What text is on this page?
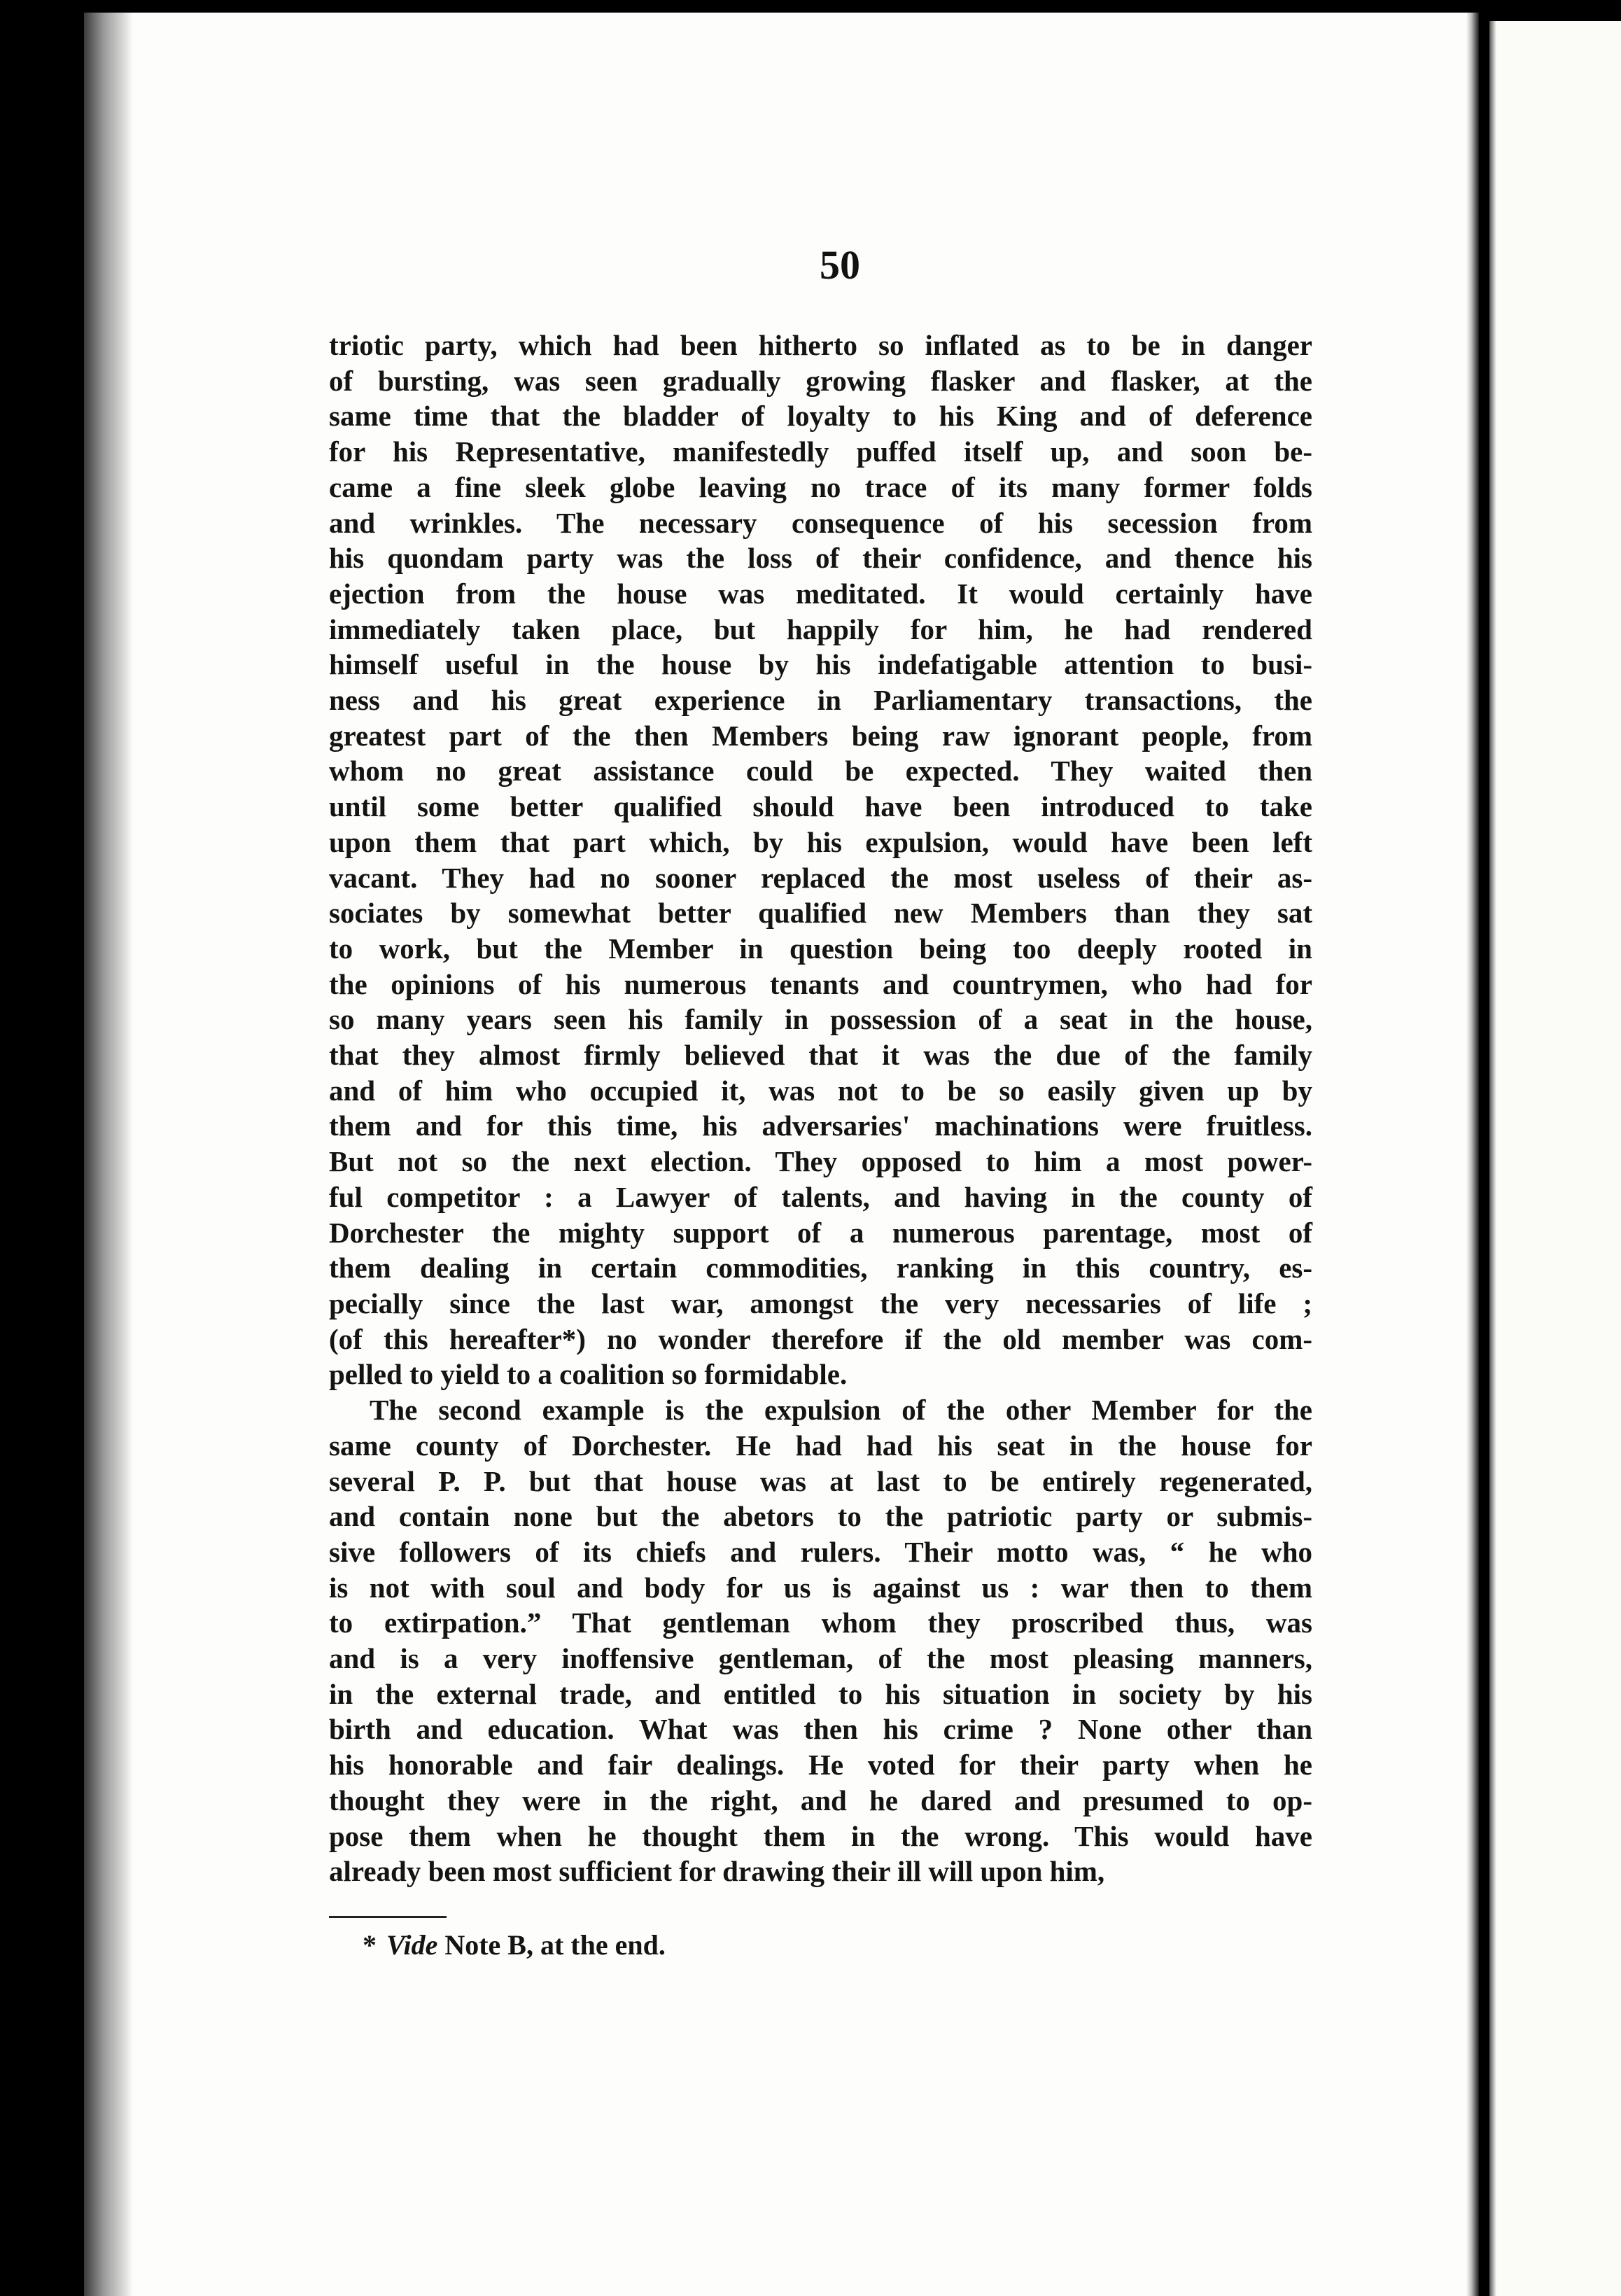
50

triotic party, which had been hitherto so inflated as to be in danger
of bursting, was seen gradually growing flasker and flasker, at the
same time that the bladder of loyalty to his King and of deference
for his Representative, manifestedly puffed itself up, and soon be-
came a fine sleek globe leaving no trace of its many former folds
and wrinkles. The necessary consequence of his secession from
his quondam party was the loss of their confidence, and thence his
ejection from the house was meditated. It would certainly have
immediately taken place, but happily for him, he had rendered
himself useful in the house by his indefatigable attention to busi-
ness and his great experience in Parliamentary transactions, the
greatest part of the then Members being raw ignorant people, from
whom no great assistance could be expected. They waited then
until some better qualified should have been introduced to take
upon them that part which, by his expulsion, would have been left
vacant. They had no sooner replaced the most useless of their as-
sociates by somewhat better qualified new Members than they sat
to work, but the Member in question being too deeply rooted in
the opinions of his numerous tenants and countrymen, who had for
so many years seen his family in possession of a seat in the house,
that they almost firmly believed that it was the due of the family
and of him who occupied it, was not to be so easily given up by
them and for this time, his adversaries' machinations were fruitless.
But not so the next election. They opposed to him a most power-
ful competitor : a Lawyer of talents, and having in the county of
Dorchester the mighty support of a numerous parentage, most of
them dealing in certain commodities, ranking in this country, es-
pecially since the last war, amongst the very necessaries of life ;
(of this hereafter*) no wonder therefore if the old member was com-
pelled to yield to a coalition so formidable.

The second example is the expulsion of the other Member for the
same county of Dorchester. He had had his seat in the house for
several P. P. but that house was at last to be entirely regenerated,
and contain none but the abetors to the patriotic party or submis-
sive followers of its chiefs and rulers. Their motto was, “ he who
is not with soul and body for us is against us : war then to them
to extirpation.” That gentleman whom they proscribed thus, was
and is a very inoffensive gentleman, of the most pleasing manners,
in the external trade, and entitled to his situation in society by his
birth and education. What was then his crime ? None other than
his honorable and fair dealings. He voted for their party when he
thought they were in the right, and he dared and presumed to op-
pose them when he thought them in the wrong. This would have
already been most sufficient for drawing their ill will upon him,

* Vide Note B, at the end.
